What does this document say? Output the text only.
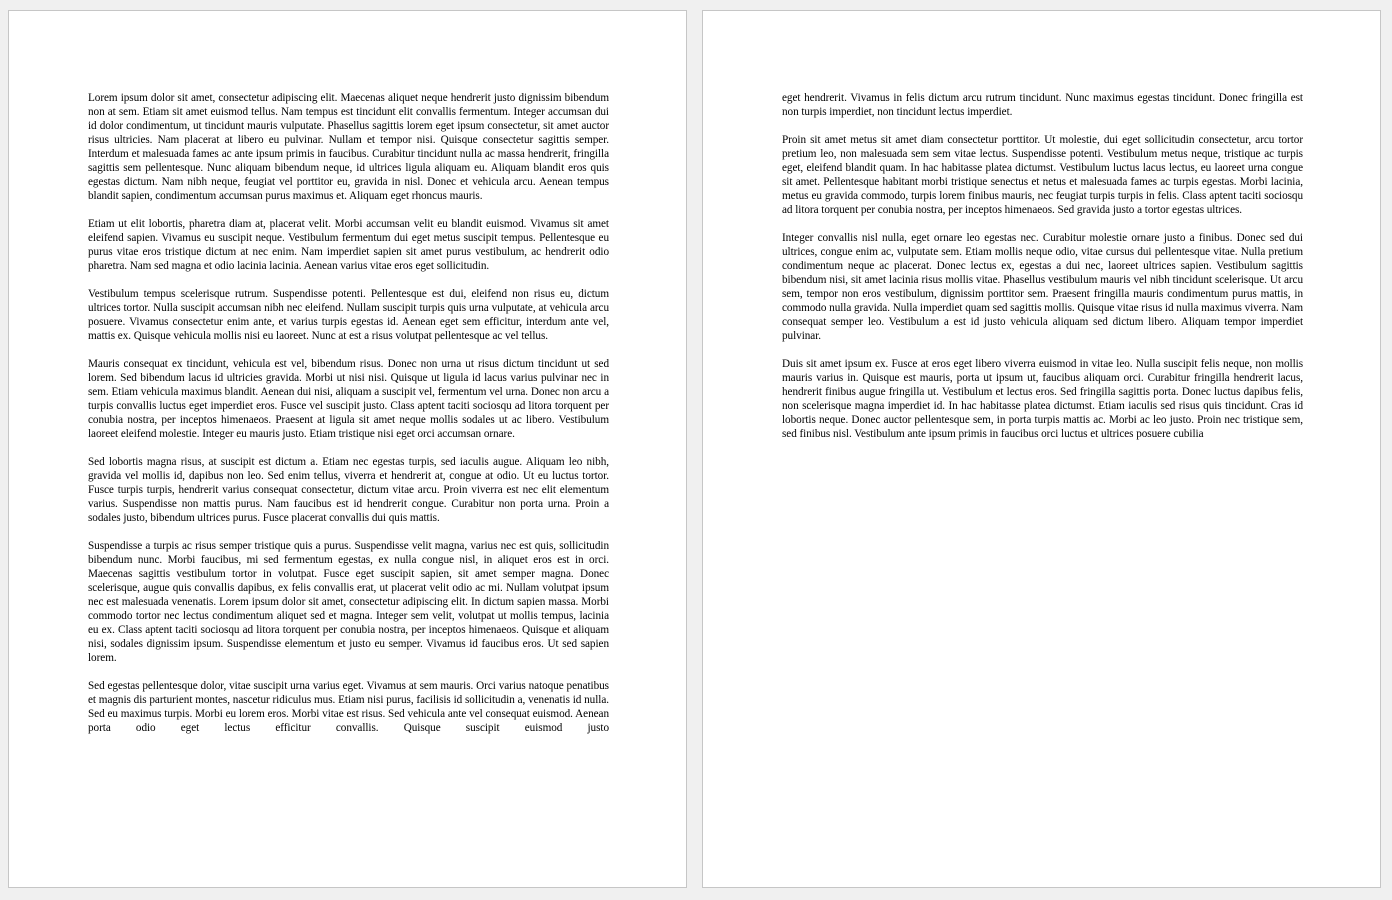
Lorem ipsum dolor sit amet, consectetur adipiscing elit. Maecenas aliquet neque hendrerit justo dignissim bibendum non at sem. Etiam sit amet euismod tellus. Nam tempus est tincidunt elit convallis fermentum. Integer accumsan dui id dolor condimentum, ut tincidunt mauris vulputate. Phasellus sagittis lorem eget ipsum consectetur, sit amet auctor risus ultricies. Nam placerat at libero eu pulvinar. Nullam et tempor nisi. Quisque consectetur sagittis semper. Interdum et malesuada fames ac ante ipsum primis in faucibus. Curabitur tincidunt nulla ac massa hendrerit, fringilla sagittis sem pellentesque. Nunc aliquam bibendum neque, id ultrices ligula aliquam eu. Aliquam blandit eros quis egestas dictum. Nam nibh neque, feugiat vel porttitor eu, gravida in nisl. Donec et vehicula arcu. Aenean tempus blandit sapien, condimentum accumsan purus maximus et. Aliquam eget rhoncus mauris.

Etiam ut elit lobortis, pharetra diam at, placerat velit. Morbi accumsan velit eu blandit euismod. Vivamus sit amet eleifend sapien. Vivamus eu suscipit neque. Vestibulum fermentum dui eget metus suscipit tempus. Pellentesque eu purus vitae eros tristique dictum at nec enim. Nam imperdiet sapien sit amet purus vestibulum, ac hendrerit odio pharetra. Nam sed magna et odio lacinia lacinia. Aenean varius vitae eros eget sollicitudin.

Vestibulum tempus scelerisque rutrum. Suspendisse potenti. Pellentesque est dui, eleifend non risus eu, dictum ultrices tortor. Nulla suscipit accumsan nibh nec eleifend. Nullam suscipit turpis quis urna vulputate, at vehicula arcu posuere. Vivamus consectetur enim ante, et varius turpis egestas id. Aenean eget sem efficitur, interdum ante vel, mattis ex. Quisque vehicula mollis nisi eu laoreet. Nunc at est a risus volutpat pellentesque ac vel tellus.

Mauris consequat ex tincidunt, vehicula est vel, bibendum risus. Donec non urna ut risus dictum tincidunt ut sed lorem. Sed bibendum lacus id ultricies gravida. Morbi ut nisi nisi. Quisque ut ligula id lacus varius pulvinar nec in sem. Etiam vehicula maximus blandit. Aenean dui nisi, aliquam a suscipit vel, fermentum vel urna. Donec non arcu a turpis convallis luctus eget imperdiet eros. Fusce vel suscipit justo. Class aptent taciti sociosqu ad litora torquent per conubia nostra, per inceptos himenaeos. Praesent at ligula sit amet neque mollis sodales ut ac libero. Vestibulum laoreet eleifend molestie. Integer eu mauris justo. Etiam tristique nisi eget orci accumsan ornare.

Sed lobortis magna risus, at suscipit est dictum a. Etiam nec egestas turpis, sed iaculis augue. Aliquam leo nibh, gravida vel mollis id, dapibus non leo. Sed enim tellus, viverra et hendrerit at, congue at odio. Ut eu luctus tortor. Fusce turpis turpis, hendrerit varius consequat consectetur, dictum vitae arcu. Proin viverra est nec elit elementum varius. Suspendisse non mattis purus. Nam faucibus est id hendrerit congue. Curabitur non porta urna. Proin a sodales justo, bibendum ultrices purus. Fusce placerat convallis dui quis mattis.

Suspendisse a turpis ac risus semper tristique quis a purus. Suspendisse velit magna, varius nec est quis, sollicitudin bibendum nunc. Morbi faucibus, mi sed fermentum egestas, ex nulla congue nisl, in aliquet eros est in orci. Maecenas sagittis vestibulum tortor in volutpat. Fusce eget suscipit sapien, sit amet semper magna. Donec scelerisque, augue quis convallis dapibus, ex felis convallis erat, ut placerat velit odio ac mi. Nullam volutpat ipsum nec est malesuada venenatis. Lorem ipsum dolor sit amet, consectetur adipiscing elit. In dictum sapien massa. Morbi commodo tortor nec lectus condimentum aliquet sed et magna. Integer sem velit, volutpat ut mollis tempus, lacinia eu ex. Class aptent taciti sociosqu ad litora torquent per conubia nostra, per inceptos himenaeos. Quisque et aliquam nisi, sodales dignissim ipsum. Suspendisse elementum et justo eu semper. Vivamus id faucibus eros. Ut sed sapien lorem.

Sed egestas pellentesque dolor, vitae suscipit urna varius eget. Vivamus at sem mauris. Orci varius natoque penatibus et magnis dis parturient montes, nascetur ridiculus mus. Etiam nisi purus, facilisis id sollicitudin a, venenatis id nulla. Sed eu maximus turpis. Morbi eu lorem eros. Morbi vitae est risus. Sed vehicula ante vel consequat euismod. Aenean porta odio eget lectus efficitur convallis. Quisque suscipit euismod justo

eget hendrerit. Vivamus in felis dictum arcu rutrum tincidunt. Nunc maximus egestas tincidunt. Donec fringilla est non turpis imperdiet, non tincidunt lectus imperdiet.

Proin sit amet metus sit amet diam consectetur porttitor. Ut molestie, dui eget sollicitudin consectetur, arcu tortor pretium leo, non malesuada sem sem vitae lectus. Suspendisse potenti. Vestibulum metus neque, tristique ac turpis eget, eleifend blandit quam. In hac habitasse platea dictumst. Vestibulum luctus lacus lectus, eu laoreet urna congue sit amet. Pellentesque habitant morbi tristique senectus et netus et malesuada fames ac turpis egestas. Morbi lacinia, metus eu gravida commodo, turpis lorem finibus mauris, nec feugiat turpis turpis in felis. Class aptent taciti sociosqu ad litora torquent per conubia nostra, per inceptos himenaeos. Sed gravida justo a tortor egestas ultrices.

Integer convallis nisl nulla, eget ornare leo egestas nec. Curabitur molestie ornare justo a finibus. Donec sed dui ultrices, congue enim ac, vulputate sem. Etiam mollis neque odio, vitae cursus dui pellentesque vitae. Nulla pretium condimentum neque ac placerat. Donec lectus ex, egestas a dui nec, laoreet ultrices sapien. Vestibulum sagittis bibendum nisi, sit amet lacinia risus mollis vitae. Phasellus vestibulum mauris vel nibh tincidunt scelerisque. Ut arcu sem, tempor non eros vestibulum, dignissim porttitor sem. Praesent fringilla mauris condimentum purus mattis, in commodo nulla gravida. Nulla imperdiet quam sed sagittis mollis. Quisque vitae risus id nulla maximus viverra. Nam consequat semper leo. Vestibulum a est id justo vehicula aliquam sed dictum libero. Aliquam tempor imperdiet pulvinar.

Duis sit amet ipsum ex. Fusce at eros eget libero viverra euismod in vitae leo. Nulla suscipit felis neque, non mollis mauris varius in. Quisque est mauris, porta ut ipsum ut, faucibus aliquam orci. Curabitur fringilla hendrerit lacus, hendrerit finibus augue fringilla ut. Vestibulum et lectus eros. Sed fringilla sagittis porta. Donec luctus dapibus felis, non scelerisque magna imperdiet id. In hac habitasse platea dictumst. Etiam iaculis sed risus quis tincidunt. Cras id lobortis neque. Donec auctor pellentesque sem, in porta turpis mattis ac. Morbi ac leo justo. Proin nec tristique sem, sed finibus nisl. Vestibulum ante ipsum primis in faucibus orci luctus et ultrices posuere cubilia
